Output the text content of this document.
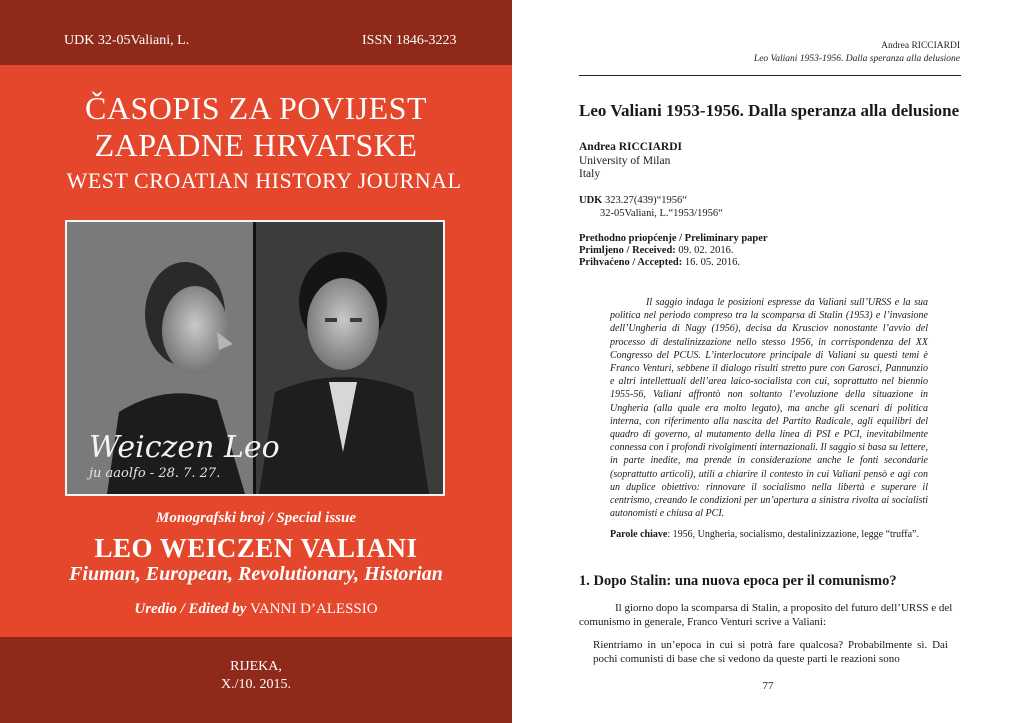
UDK 32-05Valiani, L.	ISSN 1846-3223
ČASOPIS ZA POVIJEST
ZAPADNE HRVATSKE
WEST CROATIAN HISTORY JOURNAL
Weiczen Leo
ju aaolfo - 28. 7. 27.
Monografski broj / Special issue
LEO WEICZEN VALIANI
Fiuman, European, Revolutionary, Historian
Uredio / Edited by VANNI D’ALESSIO
RIJEKA,
X./10. 2015.
Andrea RICCIARDI
Leo Valiani 1953-1956. Dalla speranza alla delusione
Leo Valiani 1953-1956. Dalla speranza alla delusione
Andrea RICCIARDI
University of Milan
Italy
UDK 323.27(439)“1956“
32-05Valiani, L.“1953/1956“
Prethodno priopćenje / Preliminary paper
Primljeno / Received: 09. 02. 2016.
Prihvaćeno / Accepted: 16. 05. 2016.
Il saggio indaga le posizioni espresse da Valiani sull’URSS e la sua politica nel periodo compreso tra la scomparsa di Stalin (1953) e l’invasione dell’Ungheria di Nagy (1956), decisa da Kruscìov nonostante l’avvio del processo di destalinizzazione nello stesso 1956, in corrispondenza del XX Congresso del PCUS. L’interlocutore principale di Valiani su questi temi è Franco Venturi, sebbene il dialogo risulti stretto pure con Garosci, Pannunzio e altri intellettuali dell’area laico-socialista con cui, soprattutto nel biennio 1955-56, Valiani affrontò non soltanto l’evoluzione della situazione in Ungheria (alla quale era molto legato), ma anche gli scenari di politica interna, con riferimento alla nascita del Partito Radicale, agli equilibri del quadro di governo, al mutamento della linea di PSI e PCI, inevitabilmente connessa con i profondi rivolgimenti internazionali. Il saggio si basa su lettere, in parte inedite, ma prende in considerazione anche le fonti secondarie (soprattutto articoli), utili a chiarire il contesto in cui Valiani pensò e agì con un duplice obiettivo: rinnovare il socialismo nella libertà e superare il centrismo, creando le condizioni per un’apertura a sinistra rivolta ai socialisti autonomisti e chiusa al PCI.
Parole chiave: 1956, Ungheria, socialismo, destalinizzazione, legge “truffa”.
1. Dopo Stalin: una nuova epoca per il comunismo?
Il giorno dopo la scomparsa di Stalin, a proposito del futuro dell’URSS e del comunismo in generale, Franco Venturi scrive a Valiani:
Rientriamo in un’epoca in cui si potrà fare qualcosa? Probabilmente sì. Dai pochi comunisti di base che si vedono da queste parti le reazioni sono
77
